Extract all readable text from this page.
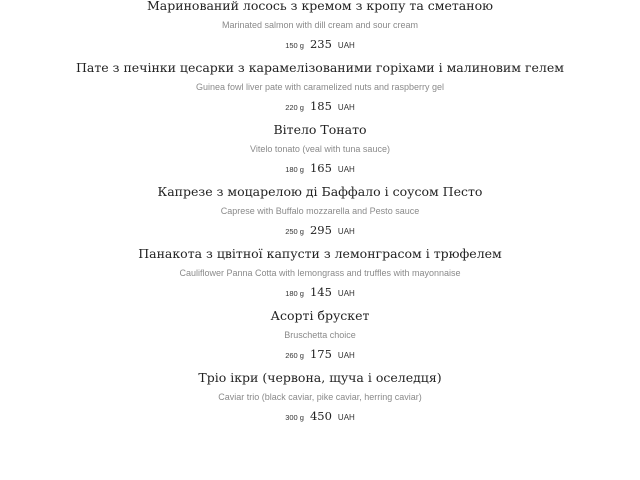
Маринований лосось з кремом з кропу та сметаною
Marinated salmon with dill cream and sour cream
150 g 235 UAH
Пате з печінки цесарки з карамелізованими горіхами і малиновим гелем
Guinea fowl liver pate with caramelized nuts and raspberry gel
220 g 185 UAH
Вітело Тонато
Vitelo tonato (veal with tuna sauce)
180 g 165 UAH
Капрезе з моцарелою ді Баффало і соусом Песто
Caprese with Buffalo mozzarella and Pesto sauce
250 g 295 UAH
Панакота з цвітної капусти з лемонграсом і трюфелем
Cauliflower Panna Cotta with lemongrass and truffles with mayonnaise
180 g 145 UAH
Асорті брускет
Bruschetta choice
260 g 175 UAH
Тріо ікри (червона, щуча і оселедця)
Caviar trio (black caviar, pike caviar, herring caviar)
300 g 450 UAH
